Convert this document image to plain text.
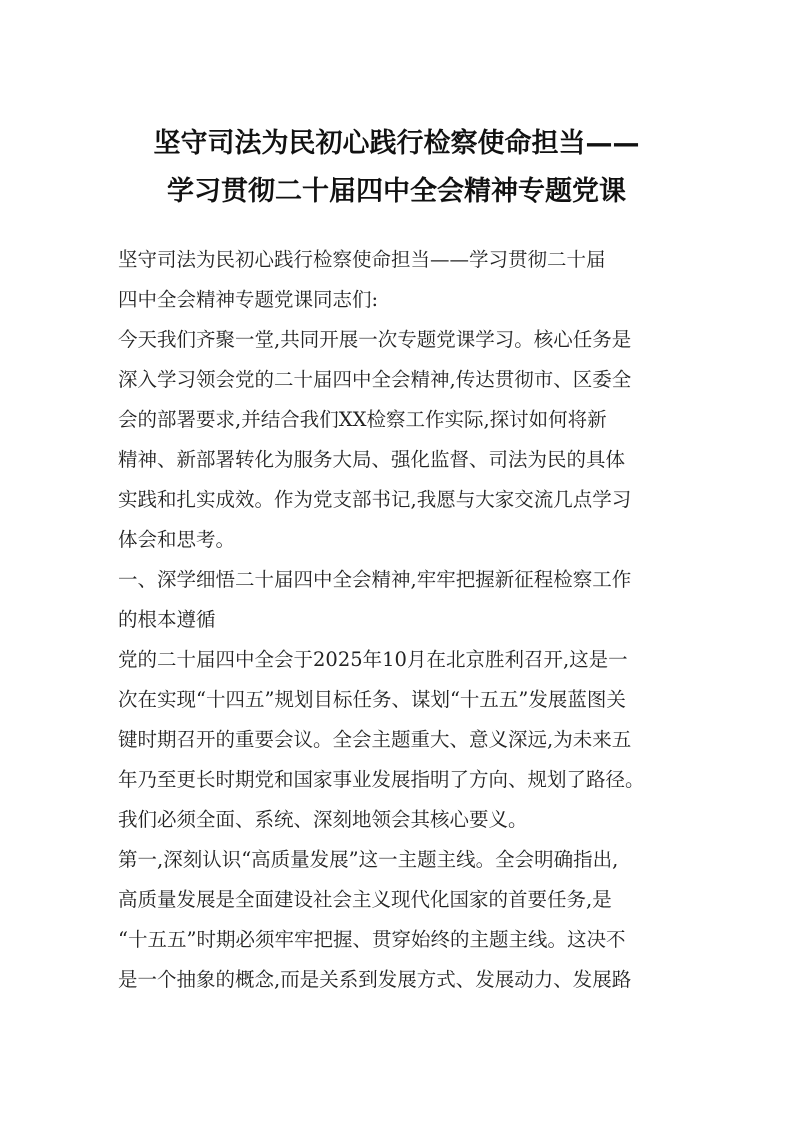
坚守司法为民初心践行检察使命担当——
学习贯彻二十届四中全会精神专题党课
坚守司法为民初心践行检察使命担当——学习贯彻二十届
四中全会精神专题党课同志们:
今天我们齐聚一堂,共同开展一次专题党课学习。核心任务是
深入学习领会党的二十届四中全会精神,传达贯彻市、区委全
会的部署要求,并结合我们XX检察工作实际,探讨如何将新
精神、新部署转化为服务大局、强化监督、司法为民的具体
实践和扎实成效。作为党支部书记,我愿与大家交流几点学习
体会和思考。
一、深学细悟二十届四中全会精神,牢牢把握新征程检察工作
的根本遵循
党的二十届四中全会于2025年10月在北京胜利召开,这是一
次在实现“十四五”规划目标任务、谋划“十五五”发展蓝图关
键时期召开的重要会议。全会主题重大、意义深远,为未来五
年乃至更长时期党和国家事业发展指明了方向、规划了路径。
我们必须全面、系统、深刻地领会其核心要义。
第一,深刻认识“高质量发展”这一主题主线。全会明确指出,
高质量发展是全面建设社会主义现代化国家的首要任务,是
“十五五”时期必须牢牢把握、贯穿始终的主题主线。这决不
是一个抽象的概念,而是关系到发展方式、发展动力、发展路
